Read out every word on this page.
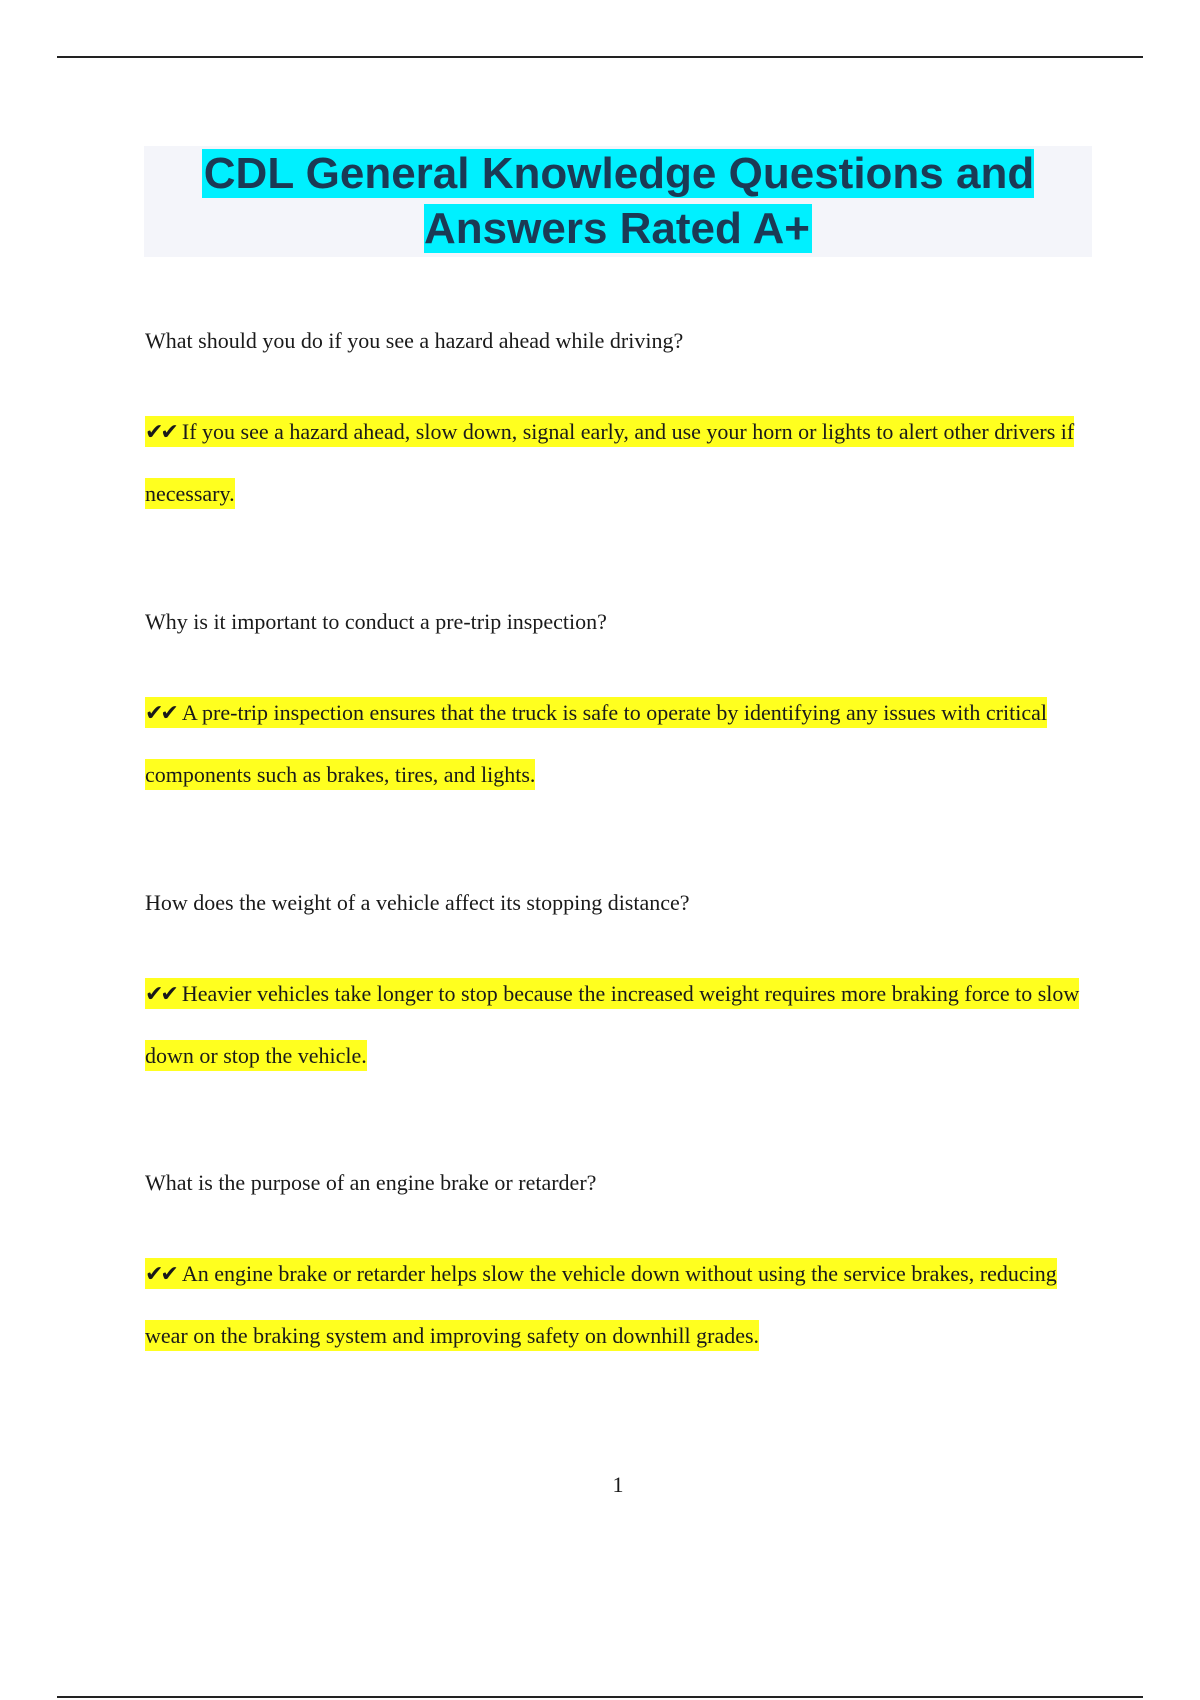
CDL General Knowledge Questions and Answers Rated A+

What should you do if you see a hazard ahead while driving?

✔✔ If you see a hazard ahead, slow down, signal early, and use your horn or lights to alert other drivers if necessary.

Why is it important to conduct a pre-trip inspection?

✔✔ A pre-trip inspection ensures that the truck is safe to operate by identifying any issues with critical components such as brakes, tires, and lights.

How does the weight of a vehicle affect its stopping distance?

✔✔ Heavier vehicles take longer to stop because the increased weight requires more braking force to slow down or stop the vehicle.

What is the purpose of an engine brake or retarder?

✔✔ An engine brake or retarder helps slow the vehicle down without using the service brakes, reducing wear on the braking system and improving safety on downhill grades.

1
